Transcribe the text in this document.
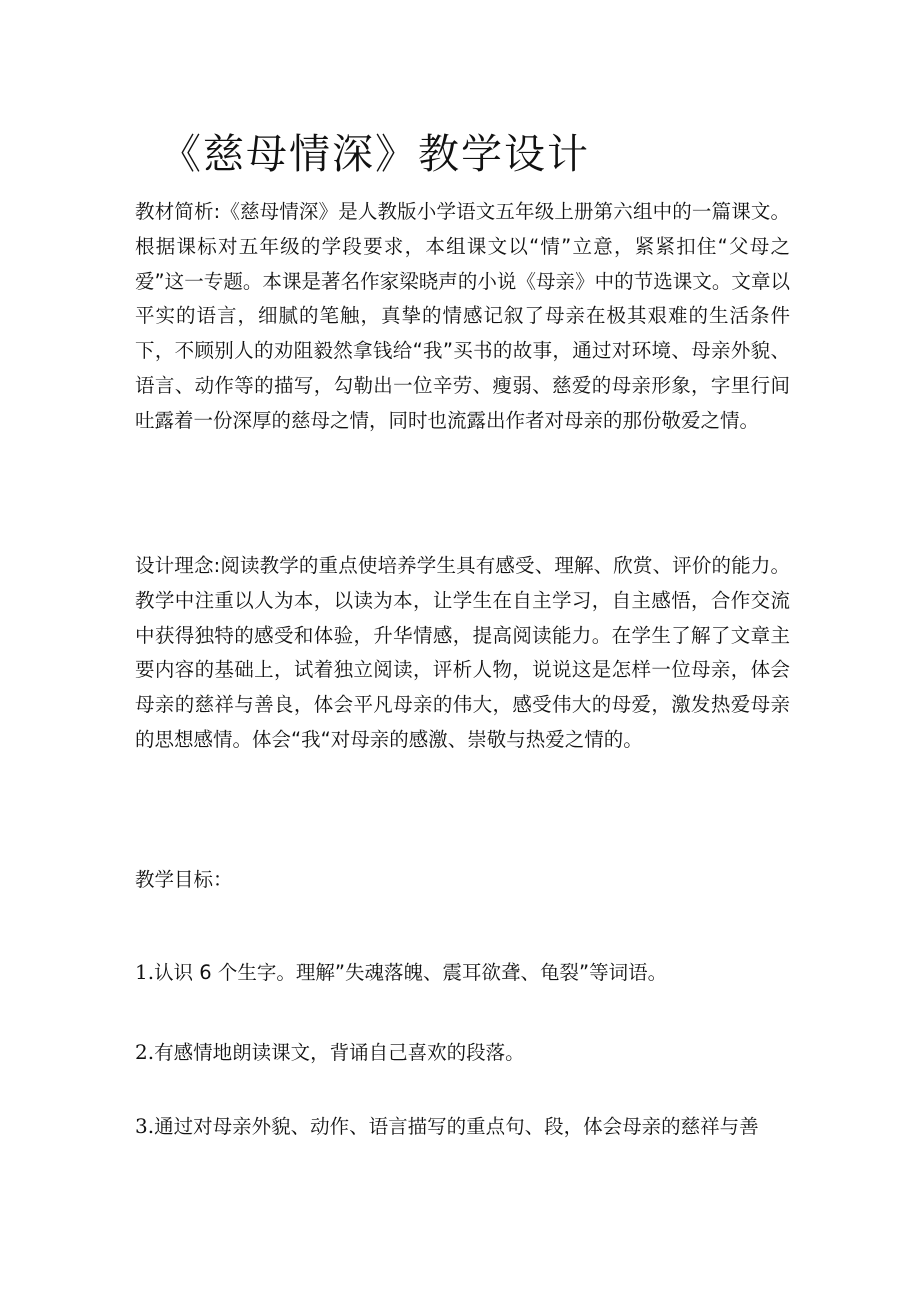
《慈母情深》教学设计

教材简析:《慈母情深》是人教版小学语文五年级上册第六组中的一篇课文。根据课标对五年级的学段要求，本组课文以“情”立意，紧紧扣住“父母之爱”这一专题。本课是著名作家梁晓声的小说《母亲》中的节选课文。文章以平实的语言，细腻的笔触，真挚的情感记叙了母亲在极其艰难的生活条件下，不顾别人的劝阻毅然拿钱给“我”买书的故事，通过对环境、母亲外貌、语言、动作等的描写，勾勒出一位辛劳、瘦弱、慈爱的母亲形象，字里行间吐露着一份深厚的慈母之情，同时也流露出作者对母亲的那份敬爱之情。

设计理念:阅读教学的重点使培养学生具有感受、理解、欣赏、评价的能力。教学中注重以人为本，以读为本，让学生在自主学习，自主感悟，合作交流中获得独特的感受和体验，升华情感，提高阅读能力。在学生了解了文章主要内容的基础上，试着独立阅读，评析人物，说说这是怎样一位母亲，体会母亲的慈祥与善良，体会平凡母亲的伟大，感受伟大的母爱，激发热爱母亲的思想感情。体会“我“对母亲的感激、崇敬与热爱之情的。

教学目标：
1.认识 6 个生字。理解”失魂落魄、震耳欲聋、龟裂”等词语。
2.有感情地朗读课文，背诵自己喜欢的段落。
3.通过对母亲外貌、动作、语言描写的重点句、段，体会母亲的慈祥与善
